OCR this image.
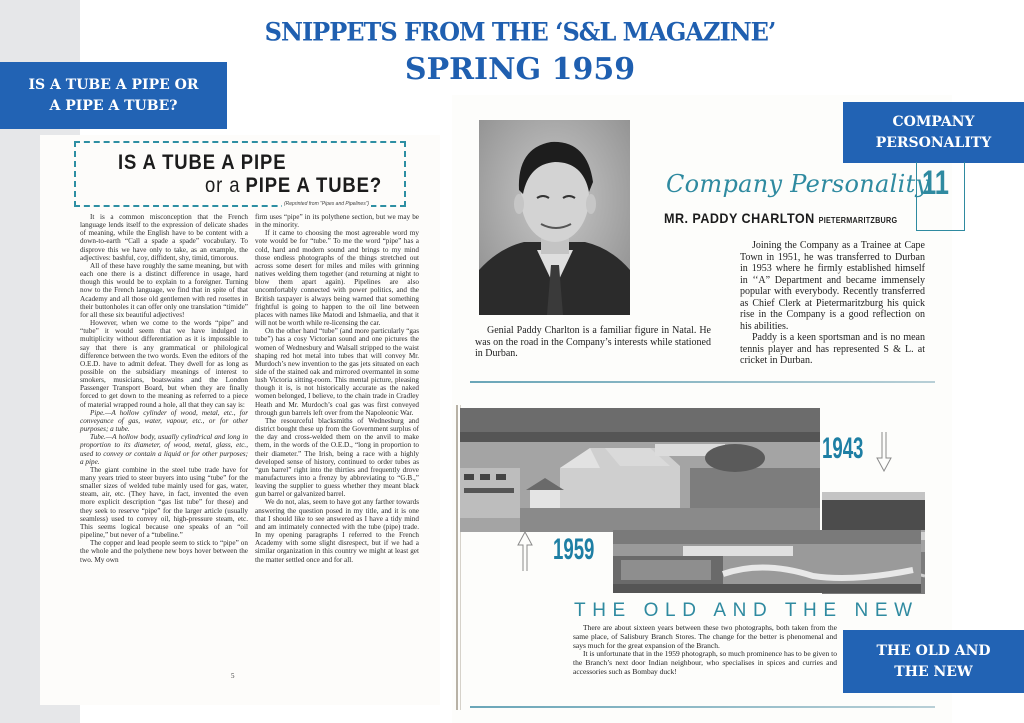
SNIPPETS FROM THE ‘S&L MAGAZINE’
SPRING 1959
IS A TUBE A PIPE OR
A PIPE A TUBE?
IS A TUBE A PIPE
or a PIPE A TUBE?
(Reprinted from “Pipes and Pipelines”)

It is a common misconception that the French language lends itself to the expression of delicate shades of meaning, while the English have to be content with a down-to-earth “Call a spade a spade” vocabulary. To disprove this we have only to take, as an example, the adjectives: bashful, coy, diffident, shy, timid, timorous.

All of these have roughly the same meaning, but with each one there is a distinct difference in usage, hard though this would be to explain to a foreigner. Turning now to the French language, we find that in spite of that Academy and all those old gentlemen with red rosettes in their buttonholes it can offer only one translation “timide” for all these six beautiful adjectives!

However, when we come to the words “pipe” and “tube” it would seem that we have indulged in multiplicity without differentiation as it is impossible to say that there is any grammatical or philological difference between the two words. Even the editors of the O.E.D. have to admit defeat. They dwell for as long as possible on the subsidiary meanings of interest to smokers, musicians, boatswains and the London Passenger Transport Board, but when they are finally forced to get down to the meaning as referred to a piece of material wrapped round a hole, all that they can say is:

Pipe.—A hollow cylinder of wood, metal, etc., for conveyance of gas, water, vapour, etc., or for other purposes; a tube.

Tube.—A hollow body, usually cylindrical and long in proportion to its diameter, of wood, metal, glass, etc., used to convey or contain a liquid or for other purposes; a pipe.

The giant combine in the steel tube trade have for many years tried to steer buyers into using “tube” for the smaller sizes of welded tube mainly used for gas, water, steam, air, etc. (They have, in fact, invented the even more explicit description “gas list tube” for these) and they seek to reserve “pipe” for the larger article (usually seamless) used to convey oil, high-pressure steam, etc. This seems logical because one speaks of an “oil pipeline,” but never of a “tubeline.”

The copper and lead people seem to stick to “pipe” on the whole and the polythene new boys hover between the two. My own

firm uses “pipe” in its polythene section, but we may be in the minority.

If it came to choosing the most agreeable word my vote would be for “tube.” To me the word “pipe” has a cold, hard and modern sound and brings to my mind those endless photographs of the things stretched out across some desert for miles and miles with grinning natives welding them together (and returning at night to blow them apart again). Pipelines are also uncomfortably connected with power politics, and the British taxpayer is always being warned that something frightful is going to happen to the oil line between places with names like Matodi and Ishmaelia, and that it will not be worth while re-licensing the car.

On the other hand “tube” (and more particularly “gas tube”) has a cosy Victorian sound and one pictures the women of Wednesbury and Walsall stripped to the waist shaping red hot metal into tubes that will convey Mr. Murdoch’s new invention to the gas jets situated on each side of the stained oak and mirrored overmantel in some lush Victoria sitting-room. This mental picture, pleasing though it is, is not historically accurate as the naked women belonged, I believe, to the chain trade in Cradley Heath and Mr. Murdoch’s coal gas was first conveyed through gun barrels left over from the Napoleonic War.

The resourceful blacksmiths of Wednesburg and district bought these up from the Government surplus of the day and cross-welded them on the anvil to make them, in the words of the O.E.D., “long in proportion to their diameter.” The Irish, being a race with a highly developed sense of history, continued to order tubes as “gun barrel” right into the thirties and frequently drove manufacturers into a frenzy by abbreviating to “G.B.,” leaving the supplier to guess whether they meant black gun barrel or galvanized barrel.

We do not, alas, seem to have got any farther towards answering the question posed in my title, and it is one that I should like to see answered as I have a tidy mind and am intimately connected with the tube (pipe) trade. In my opening paragraphs I referred to the French Academy with some slight disrespect, but if we had a similar organization in this country we might at least get the matter settled once and for all.

5
COMPANY
PERSONALITY
Company Personality
11
MR. PADDY CHARLTON PIETERMARITZBURG

Genial Paddy Charlton is a familiar figure in Natal. He was on the road in the Company’s interests while stationed in Durban.

Joining the Company as a Trainee at Cape Town in 1951, he was transferred to Durban in 1953 where he firmly established himself in ‘‘A” Department and became immensely popular with everybody. Recently transferred as Chief Clerk at Pietermaritzburg his quick rise in the Company is a good reflection on his abilities.

Paddy is a keen sportsman and is no mean tennis player and has represented S & L. at cricket in Durban.

1943
1959
THE OLD AND THE NEW

There are about sixteen years between these two photographs, both taken from the same place, of Salisbury Branch Stores. The change for the better is phenomenal and says much for the great expansion of the Branch.

It is unfortunate that in the 1959 photograph, so much prominence has to be given to the Branch’s next door Indian neighbour, who specialises in spices and curries and accessories such as Bombay duck!

THE OLD AND
THE NEW
